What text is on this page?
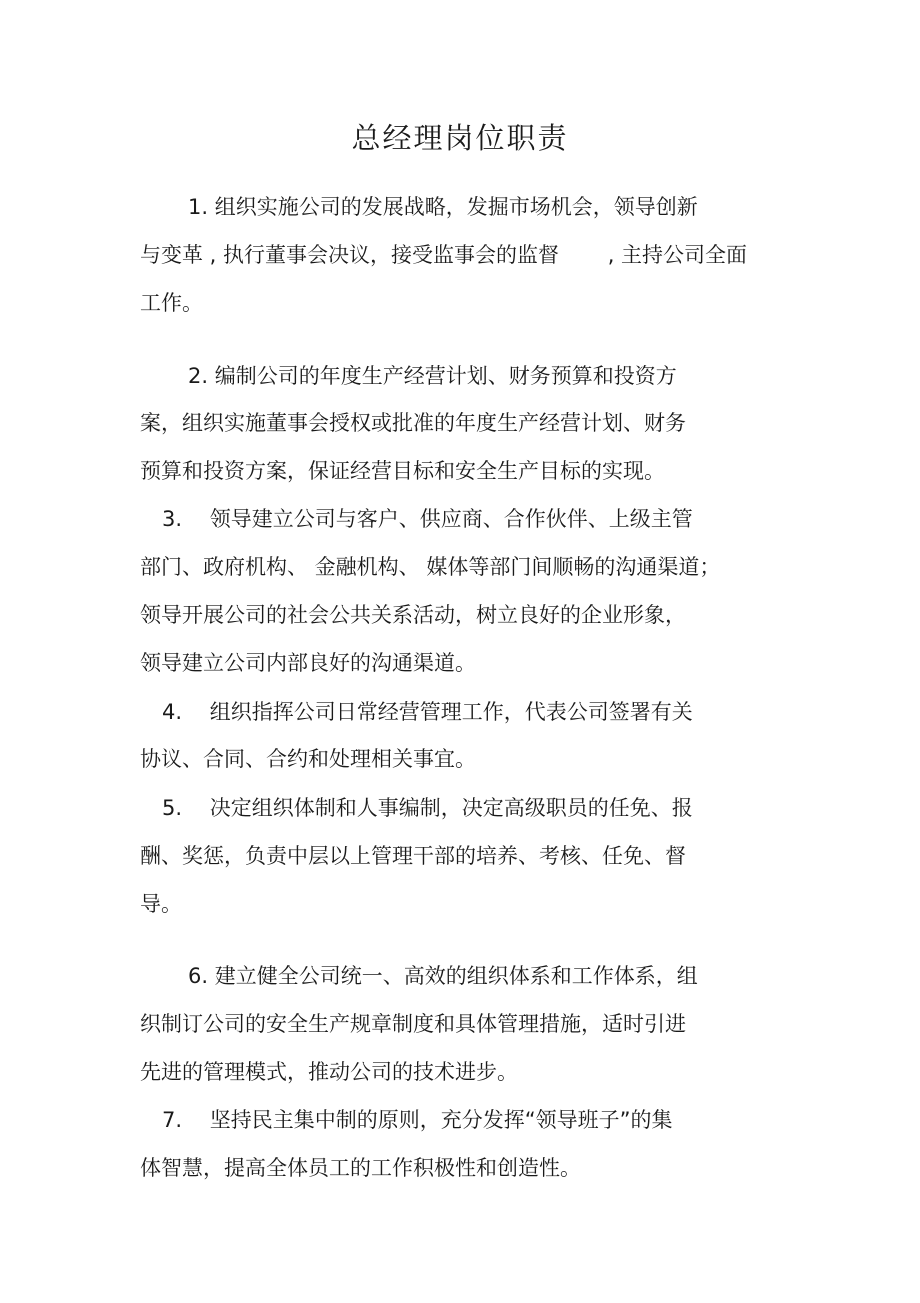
总经理岗位职责

1. 组织实施公司的发展战略，发掘市场机会，领导创新

与变革 , 执行董事会决议，接受监事会的监督　　 , 主持公司全面

工作。

2. 编制公司的年度生产经营计划、财务预算和投资方

案，组织实施董事会授权或批准的年度生产经营计划、财务

预算和投资方案，保证经营目标和安全生产目标的实现。

3.　 领导建立公司与客户、供应商、合作伙伴、上级主管

部门、政府机构、 金融机构、 媒体等部门间顺畅的沟通渠道；

领导开展公司的社会公共关系活动，树立良好的企业形象，

领导建立公司内部良好的沟通渠道。

4.　 组织指挥公司日常经营管理工作，代表公司签署有关

协议、合同、合约和处理相关事宜。

5.　 决定组织体制和人事编制，决定高级职员的任免、报

酬、奖惩，负责中层以上管理干部的培养、考核、任免、督

导。

6. 建立健全公司统一、高效的组织体系和工作体系，组

织制订公司的安全生产规章制度和具体管理措施，适时引进

先进的管理模式，推动公司的技术进步。

7.　 坚持民主集中制的原则，充分发挥“领导班子”的集

体智慧，提高全体员工的工作积极性和创造性。
